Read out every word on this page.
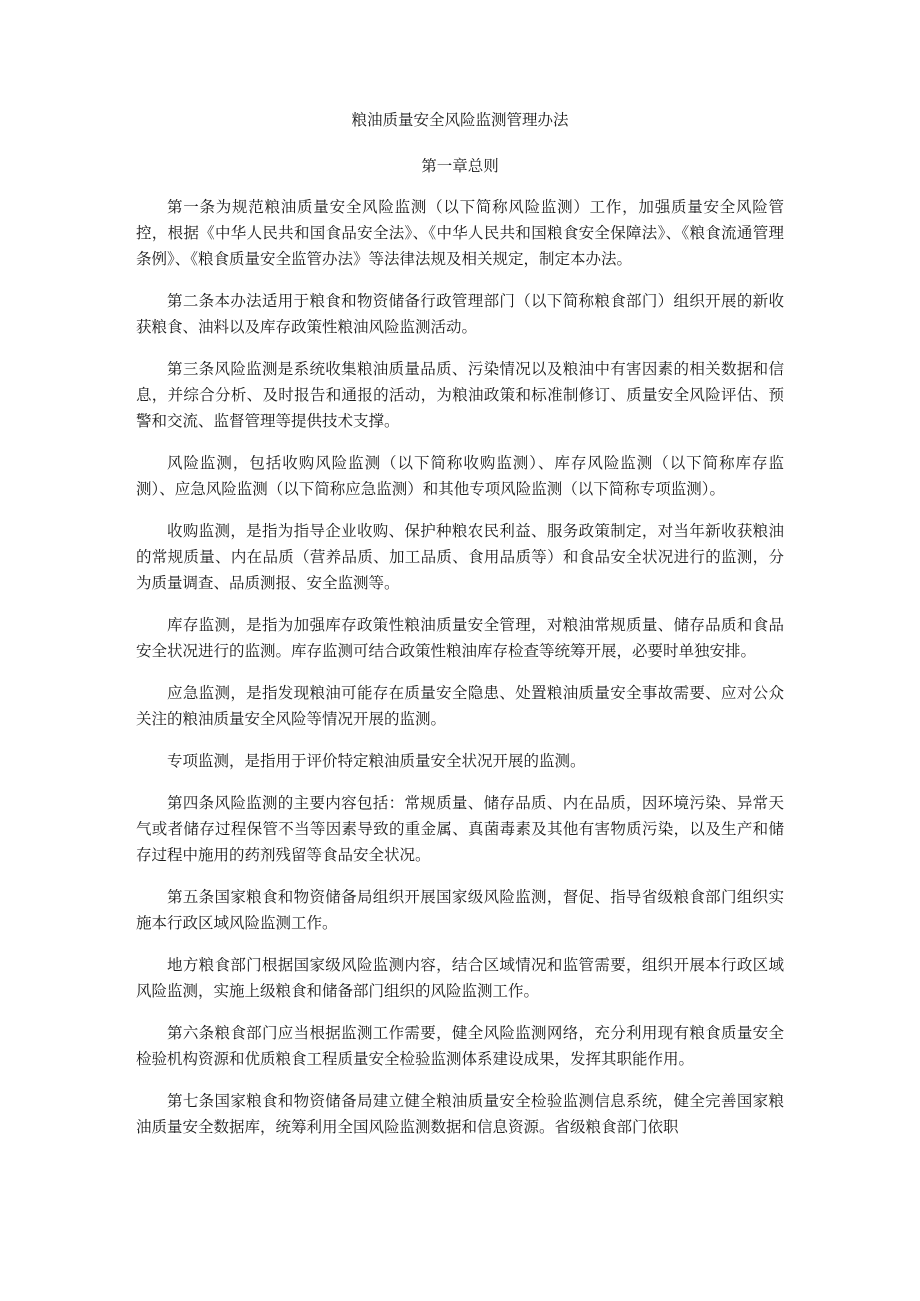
粮油质量安全风险监测管理办法
第一章总则

第一条为规范粮油质量安全风险监测（以下简称风险监测）工作，加强质量安全风险管控，根据《中华人民共和国食品安全法》、《中华人民共和国粮食安全保障法》、《粮食流通管理条例》、《粮食质量安全监管办法》等法律法规及相关规定，制定本办法。

第二条本办法适用于粮食和物资储备行政管理部门（以下简称粮食部门）组织开展的新收获粮食、油料以及库存政策性粮油风险监测活动。

第三条风险监测是系统收集粮油质量品质、污染情况以及粮油中有害因素的相关数据和信息，并综合分析、及时报告和通报的活动，为粮油政策和标准制修订、质量安全风险评估、预警和交流、监督管理等提供技术支撑。

风险监测，包括收购风险监测（以下简称收购监测）、库存风险监测（以下简称库存监测）、应急风险监测（以下简称应急监测）和其他专项风险监测（以下简称专项监测）。

收购监测，是指为指导企业收购、保护种粮农民利益、服务政策制定，对当年新收获粮油的常规质量、内在品质（营养品质、加工品质、食用品质等）和食品安全状况进行的监测，分为质量调查、品质测报、安全监测等。

库存监测，是指为加强库存政策性粮油质量安全管理，对粮油常规质量、储存品质和食品安全状况进行的监测。库存监测可结合政策性粮油库存检查等统筹开展，必要时单独安排。

应急监测，是指发现粮油可能存在质量安全隐患、处置粮油质量安全事故需要、应对公众关注的粮油质量安全风险等情况开展的监测。

专项监测，是指用于评价特定粮油质量安全状况开展的监测。

第四条风险监测的主要内容包括：常规质量、储存品质、内在品质，因环境污染、异常天气或者储存过程保管不当等因素导致的重金属、真菌毒素及其他有害物质污染，以及生产和储存过程中施用的药剂残留等食品安全状况。

第五条国家粮食和物资储备局组织开展国家级风险监测，督促、指导省级粮食部门组织实施本行政区域风险监测工作。

地方粮食部门根据国家级风险监测内容，结合区域情况和监管需要，组织开展本行政区域风险监测，实施上级粮食和储备部门组织的风险监测工作。

第六条粮食部门应当根据监测工作需要，健全风险监测网络，充分利用现有粮食质量安全检验机构资源和优质粮食工程质量安全检验监测体系建设成果，发挥其职能作用。

第七条国家粮食和物资储备局建立健全粮油质量安全检验监测信息系统，健全完善国家粮油质量安全数据库，统筹利用全国风险监测数据和信息资源。省级粮食部门依职
